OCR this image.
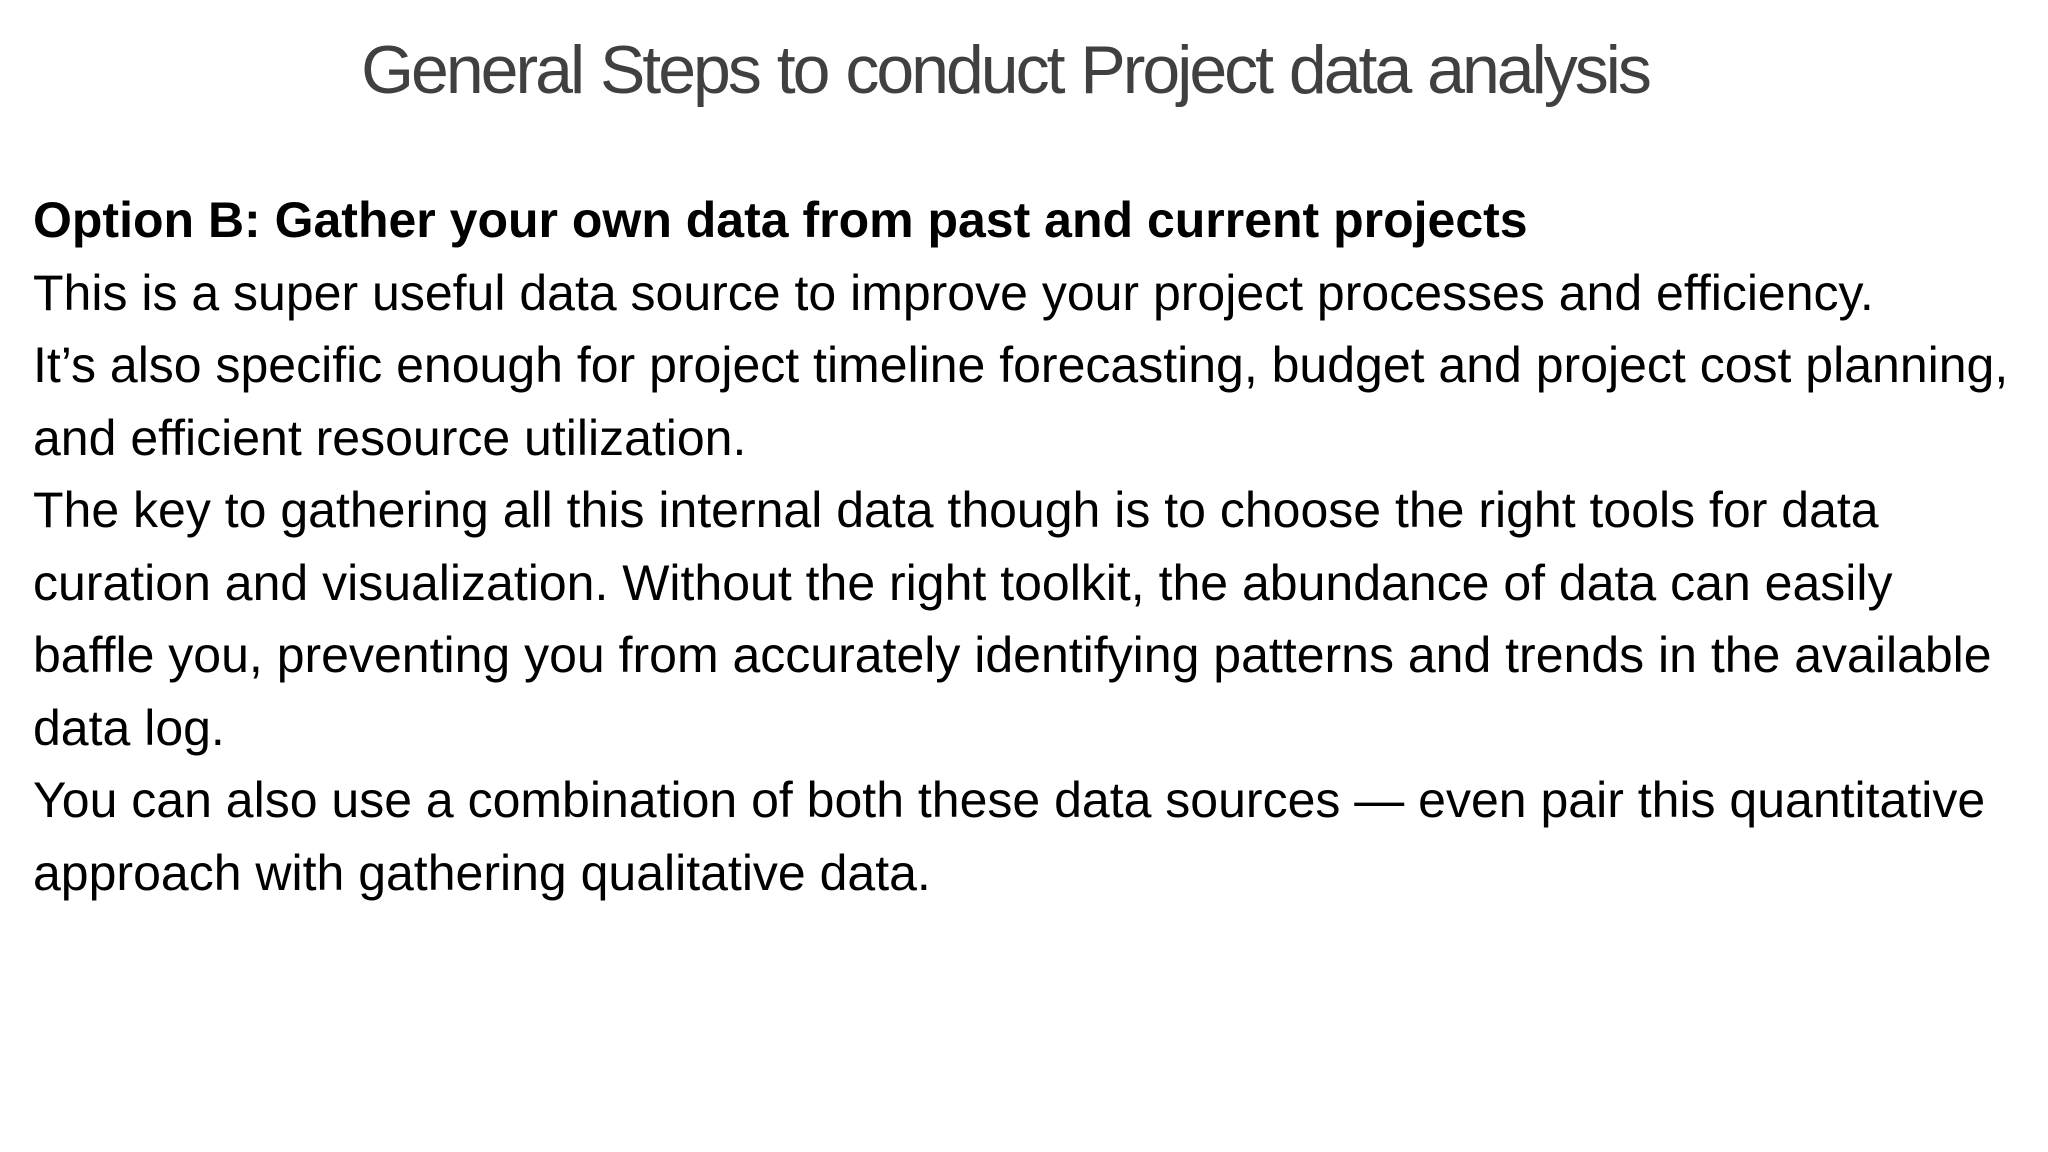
General Steps to conduct Project data analysis

Option B: Gather your own data from past and current projects

This is a super useful data source to improve your project processes and efficiency.

It’s also specific enough for project timeline forecasting, budget and project cost planning, and efficient resource utilization.

The key to gathering all this internal data though is to choose the right tools for data curation and visualization. Without the right toolkit, the abundance of data can easily baffle you, preventing you from accurately identifying patterns and trends in the available data log.

You can also use a combination of both these data sources — even pair this quantitative approach with gathering qualitative data.
